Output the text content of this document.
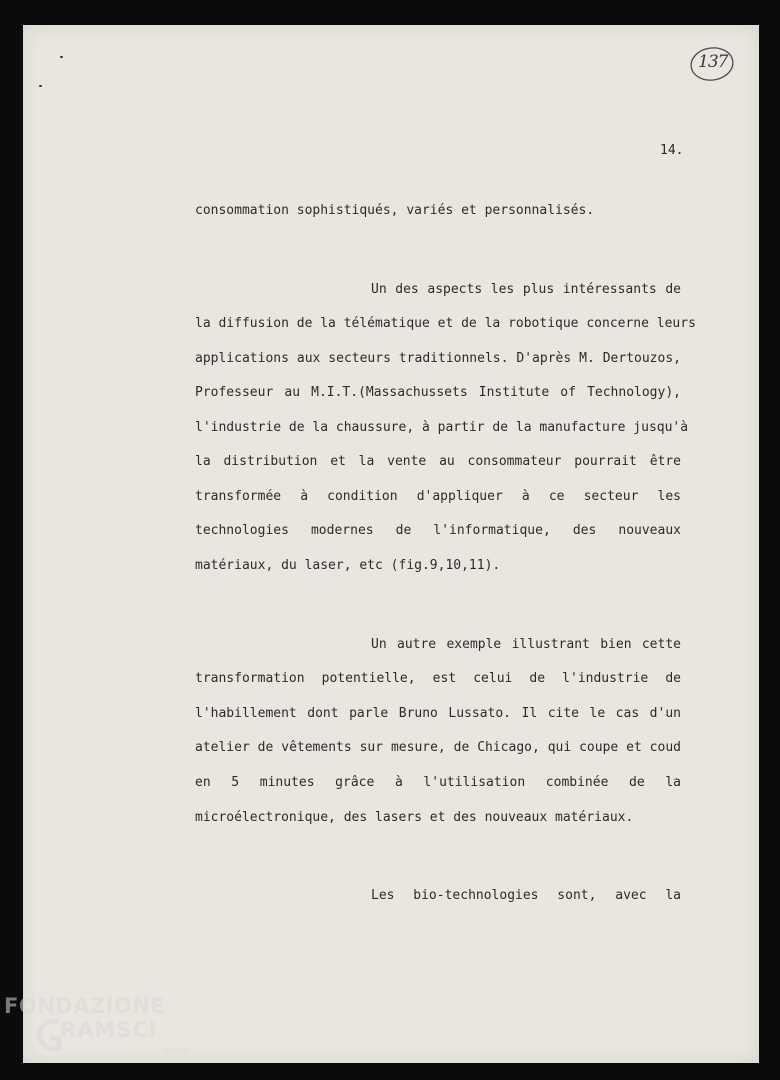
137
14.
consommation sophistiqués, variés et personnalisés.
Un des aspects les plus intéressants de
la diffusion de la télématique et de la robotique concerne leurs
applications aux secteurs traditionnels. D'après M. Dertouzos,
Professeur au M.I.T.(Massachussets Institute of Technology),
l'industrie de la chaussure, à partir de la manufacture jusqu'à
la distribution et la vente au consommateur pourrait être
transformée à condition d'appliquer à ce secteur les
technologies modernes de l'informatique, des nouveaux
matériaux, du laser, etc (fig.9,10,11).
Un autre exemple illustrant bien cette
transformation potentielle, est celui de l'industrie de
l'habillement dont parle Bruno Lussato. Il cite le cas d'un
atelier de vêtements sur mesure, de Chicago, qui coupe et coud
en 5 minutes grâce à l'utilisation combinée de la
microélectronique, des lasers et des nouveaux matériaux.
Les bio-technologies sont, avec la
FONDAZIONE
RAMSCI
onlus
